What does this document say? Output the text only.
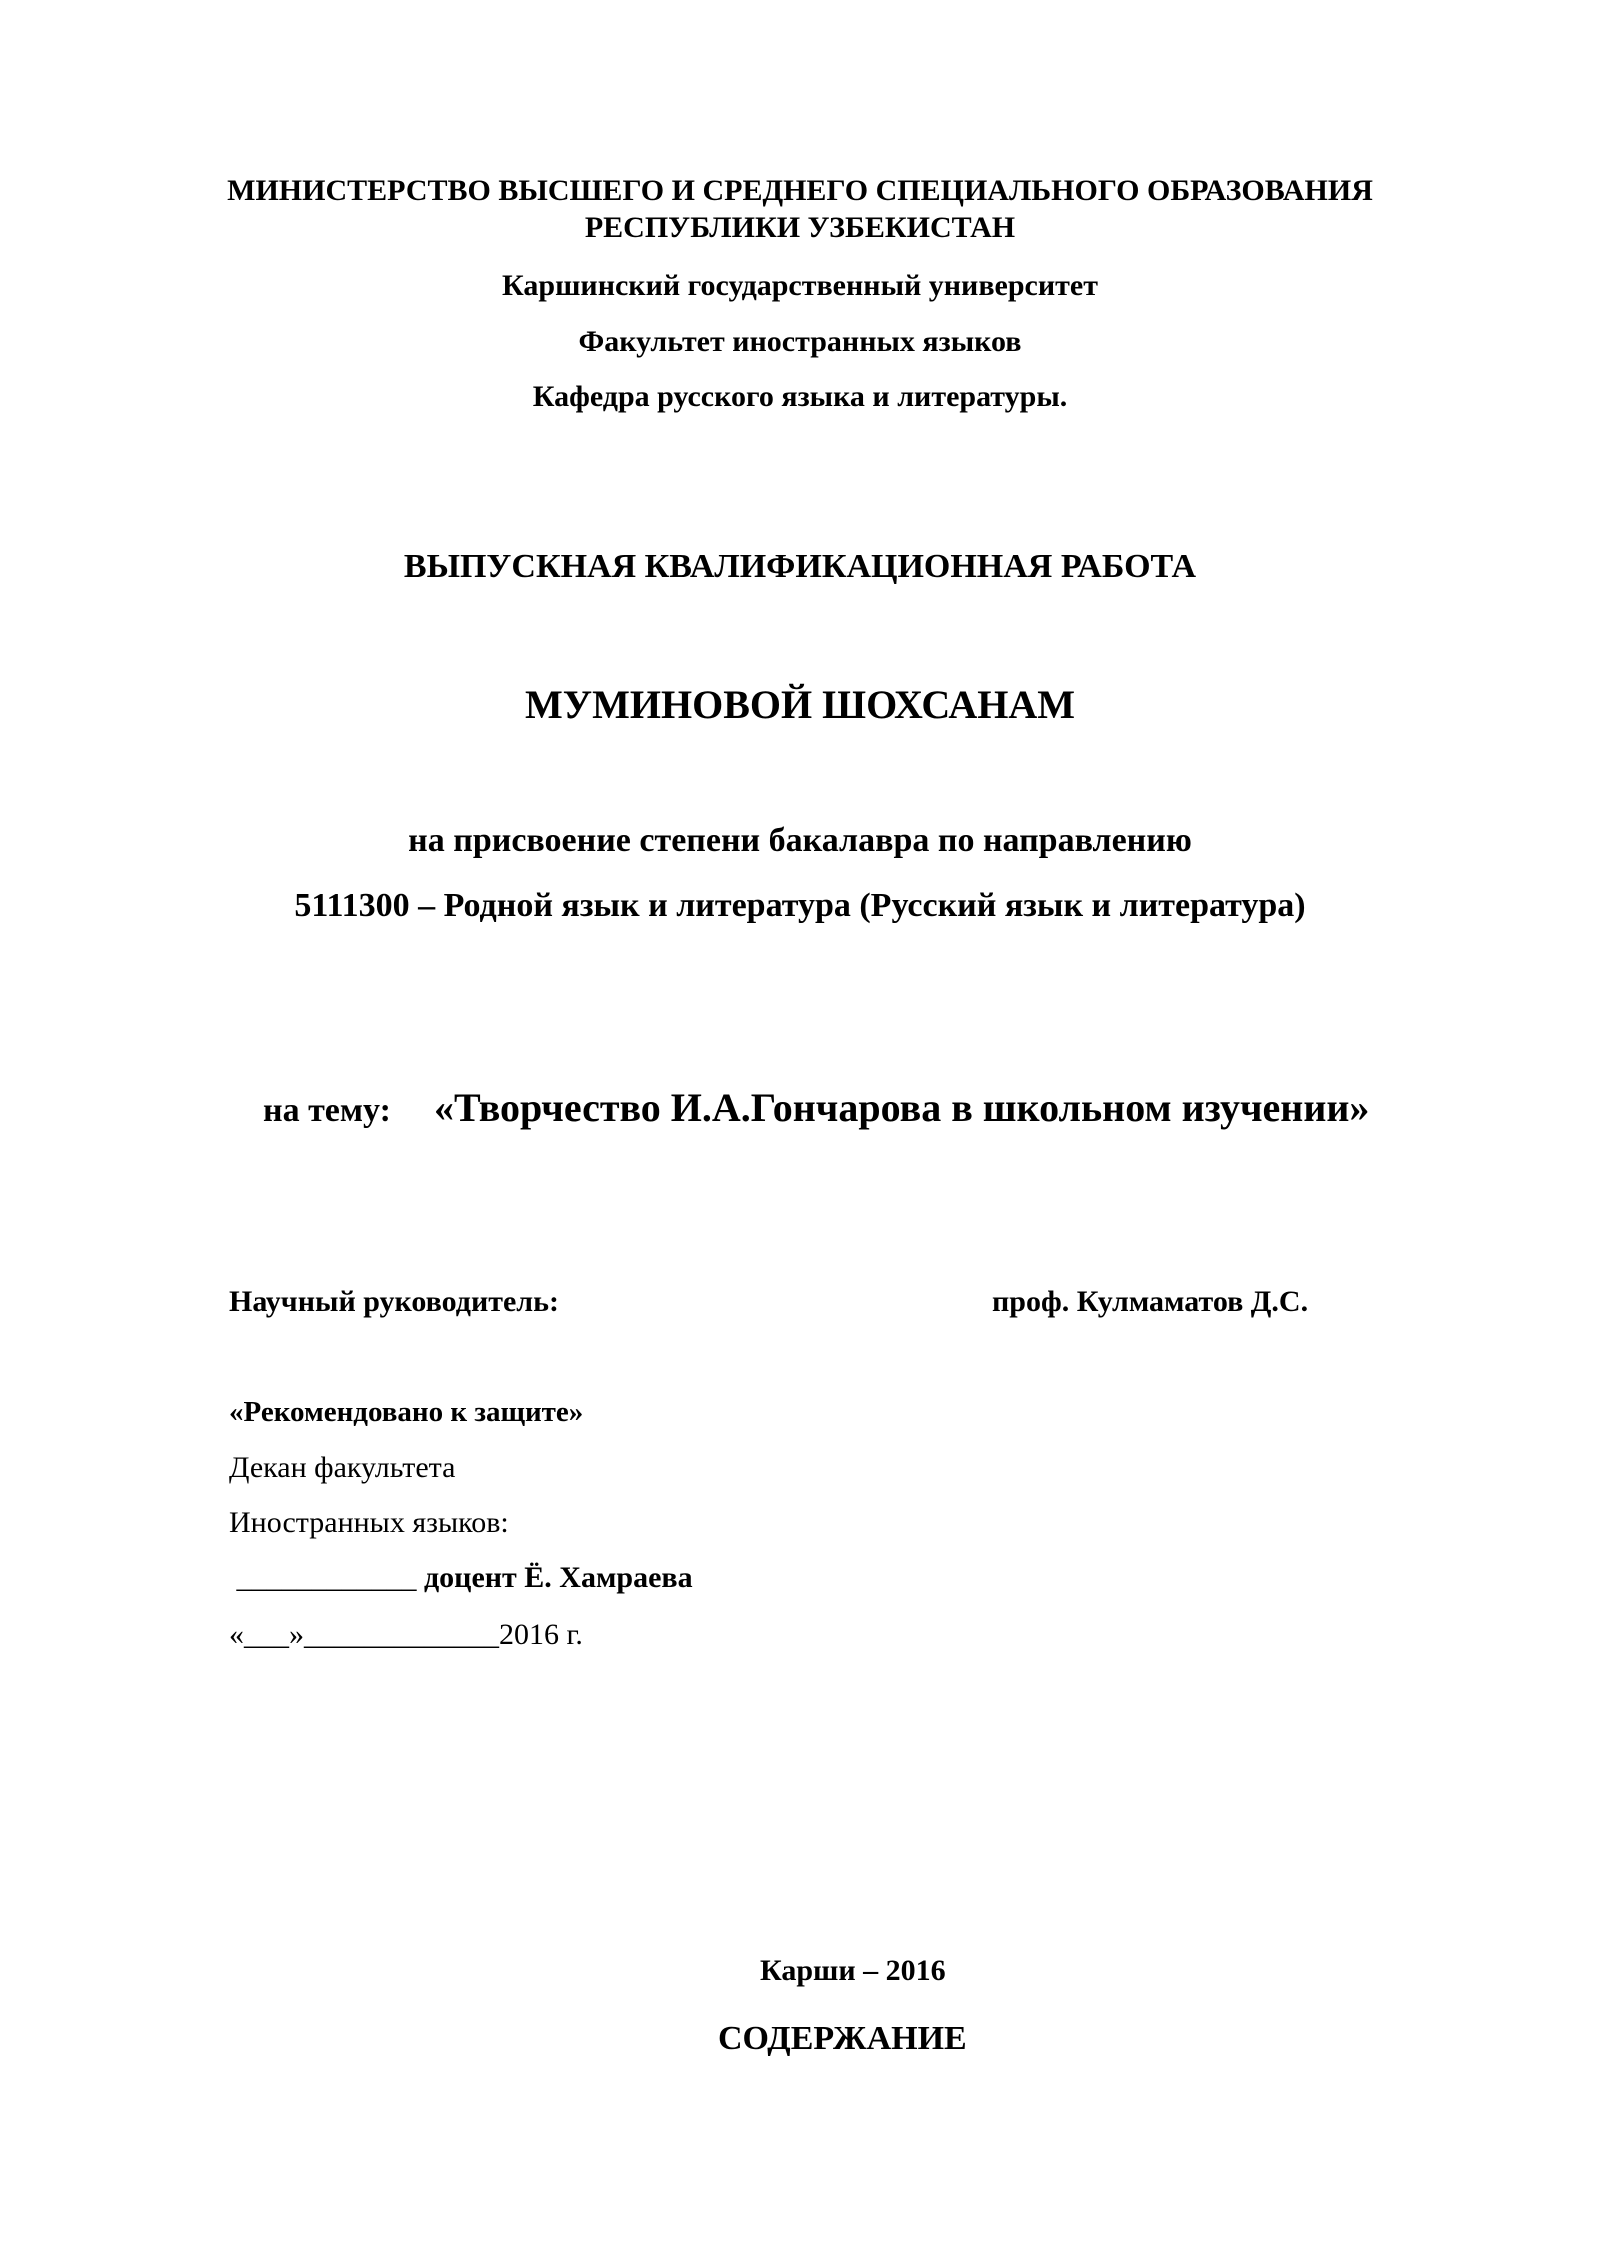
МИНИСТЕРСТВО ВЫСШЕГО И СРЕДНЕГО СПЕЦИАЛЬНОГО ОБРАЗОВАНИЯ
РЕСПУБЛИКИ УЗБЕКИСТАН
Каршинский государственный университет
Факультет иностранных языков
Кафедра русского языка и литературы.
ВЫПУСКНАЯ КВАЛИФИКАЦИОННАЯ РАБОТА
МУМИНОВОЙ ШОХСАНАМ
на присвоение степени бакалавра по направлению
5111300 – Родной язык и литература (Русский язык и литература)
на тему: «Творчество И.А.Гончарова в школьном изучении»
Научный руководитель:	проф. Кулмаматов Д.С.
«Рекомендовано к защите»
Декан факультета
Иностранных языков:
____________ доцент Ё. Хамраева
«___»_____________2016 г.
Карши – 2016
СОДЕРЖАНИЕ
